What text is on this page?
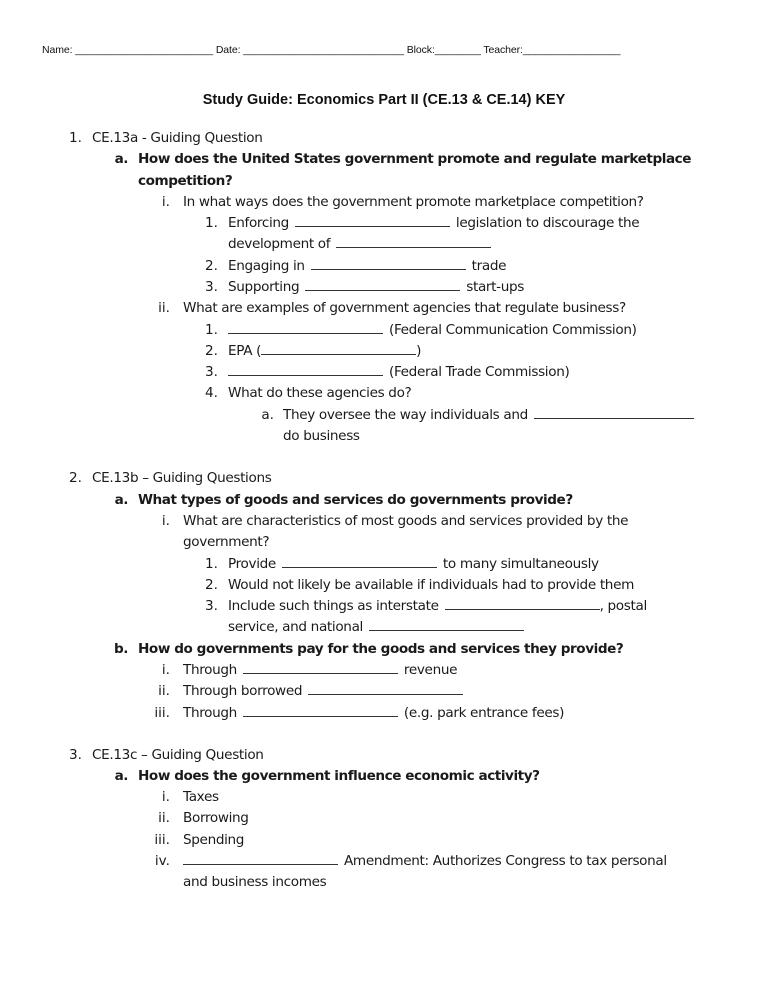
Name: ________________________ Date: ____________________________ Block:________ Teacher:_________________
Study Guide: Economics Part II (CE.13 & CE.14) KEY
1. CE.13a - Guiding Question
a. How does the United States government promote and regulate marketplace
competition?
i. In what ways does the government promote marketplace competition?
1. Enforcing	legislation to discourage the
development of
2. Engaging in	trade
3. Supporting	start-ups
ii. What are examples of government agencies that regulate business?
1.	(Federal Communication Commission)
2. EPA (	)
3.	(Federal Trade Commission)
4. What do these agencies do?
a. They oversee the way individuals and
do business
2. CE.13b – Guiding Questions
a. What types of goods and services do governments provide?
i. What are characteristics of most goods and services provided by the
government?
1. Provide	to many simultaneously
2. Would not likely be available if individuals had to provide them
3. Include such things as interstate	, postal
service, and national
b. How do governments pay for the goods and services they provide?
i. Through	revenue
ii. Through borrowed
iii. Through	(e.g. park entrance fees)
3. CE.13c – Guiding Question
a. How does the government influence economic activity?
i. Taxes
ii. Borrowing
iii. Spending
iv.	Amendment: Authorizes Congress to tax personal
and business incomes
